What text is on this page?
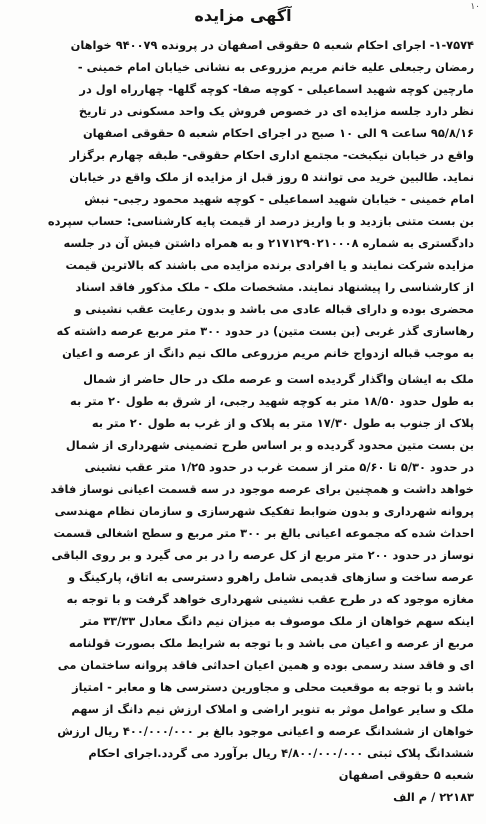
۱۰
آگهی مزایده
۱-۷۵۷۴- اجرای احکام شعبه ۵ حقوقی اصفهان در پرونده ۹۴۰۰۷۹ خواهان
رمضان رجبعلی علیه خانم مریم مزروعی به نشانی خیابان امام خمینی -
مارچین کوچه شهید اسماعیلی - کوچه صفا- کوچه گلها- چهارراه اول در
نظر دارد جلسه مزایده ای در خصوص فروش یک واحد مسکونی در تاریخ
۹۵/۸/۱۶ ساعت ۹ الی ۱۰ صبح در اجرای احکام شعبه ۵ حقوقی اصفهان
واقع در خیابان نیکبخت- مجتمع اداری احکام حقوقی- طبقه چهارم برگزار
نماید. طالبین خرید می توانند ۵ روز قبل از مزایده از ملک واقع در خیابان
امام خمینی - خیابان شهید اسماعیلی - کوچه شهید محمود رجبی- نبش
بن بست متنی بازدید و با واریز درصد از قیمت پایه کارشناسی: حساب سپرده
دادگستری به شماره ۲۱۷۱۲۹۰۲۱۰۰۰۸ و به همراه داشتن فیش آن در جلسه
مزایده شرکت نمایند و یا افرادی برنده مزایده می باشند که بالاترین قیمت
از کارشناسی را پیشنهاد نمایند. مشخصات ملک - ملک مذکور فاقد اسناد
محضری بوده و دارای قباله عادی می باشد و بدون رعایت عقب نشینی و
رهاسازی گذر غربی (بن بست متین) در حدود ۳۰۰ متر مربع عرصه داشته که
به موجب قباله ازدواج خانم مریم مزروعی مالک نیم دانگ از عرصه و اعیان
ملک به ایشان واگذار گردیده است و عرصه ملک در حال حاضر از شمال
به طول حدود ۱۸/۵۰ متر به کوچه شهید رجبی، از شرق به طول ۲۰ متر به
پلاک از جنوب به طول ۱۷/۳۰ متر به پلاک و از غرب به طول ۲۰ متر به
بن بست متین محدود گردیده و بر اساس طرح تضمینی شهرداری از شمال
در حدود ۵/۳۰ تا ۵/۶۰ متر از سمت غرب در حدود ۱/۲۵ متر عقب نشینی
خواهد داشت و همچنین برای عرصه موجود در سه قسمت اعیانی نوساز فاقد
پروانه شهرداری و بدون ضوابط تفکیک شهرسازی و سازمان نظام مهندسی
احداث شده که مجموعه اعیانی بالغ بر ۳۰۰ متر مربع و سطح اشغالی قسمت
نوساز در حدود ۲۰۰ متر مربع از کل عرصه را در بر می گیرد و بر روی الباقی
عرصه ساخت و سازهای قدیمی شامل راهرو دسترسی به اتاق، پارکینگ و
مغازه موجود که در طرح عقب نشینی شهرداری خواهد گرفت و با توجه به
اینکه سهم خواهان از ملک موصوف به میزان نیم دانگ معادل ۳۳/۳۳ متر
مربع از عرصه و اعیان می باشد و با توجه به شرایط ملک بصورت قولنامه
ای و فاقد سند رسمی بوده و همین اعیان احداثی فاقد پروانه ساختمان می
باشد و با توجه به موقعیت محلی و مجاورین دسترسی ها و معابر - امتیاز
ملک و سایر عوامل موثر به تنویر اراضی و املاک ارزش نیم دانگ از سهم
خواهان از ششدانگ عرصه و اعیانی موجود بالغ بر ۴۰۰/۰۰۰/۰۰۰ ریال ارزش
ششدانگ پلاک ثبتی ۴/۸۰۰/۰۰۰/۰۰۰ ریال برآورد می گردد.اجرای احکام
شعبه ۵ حقوقی اصفهان
۲۲۱۸۳ / م الف
